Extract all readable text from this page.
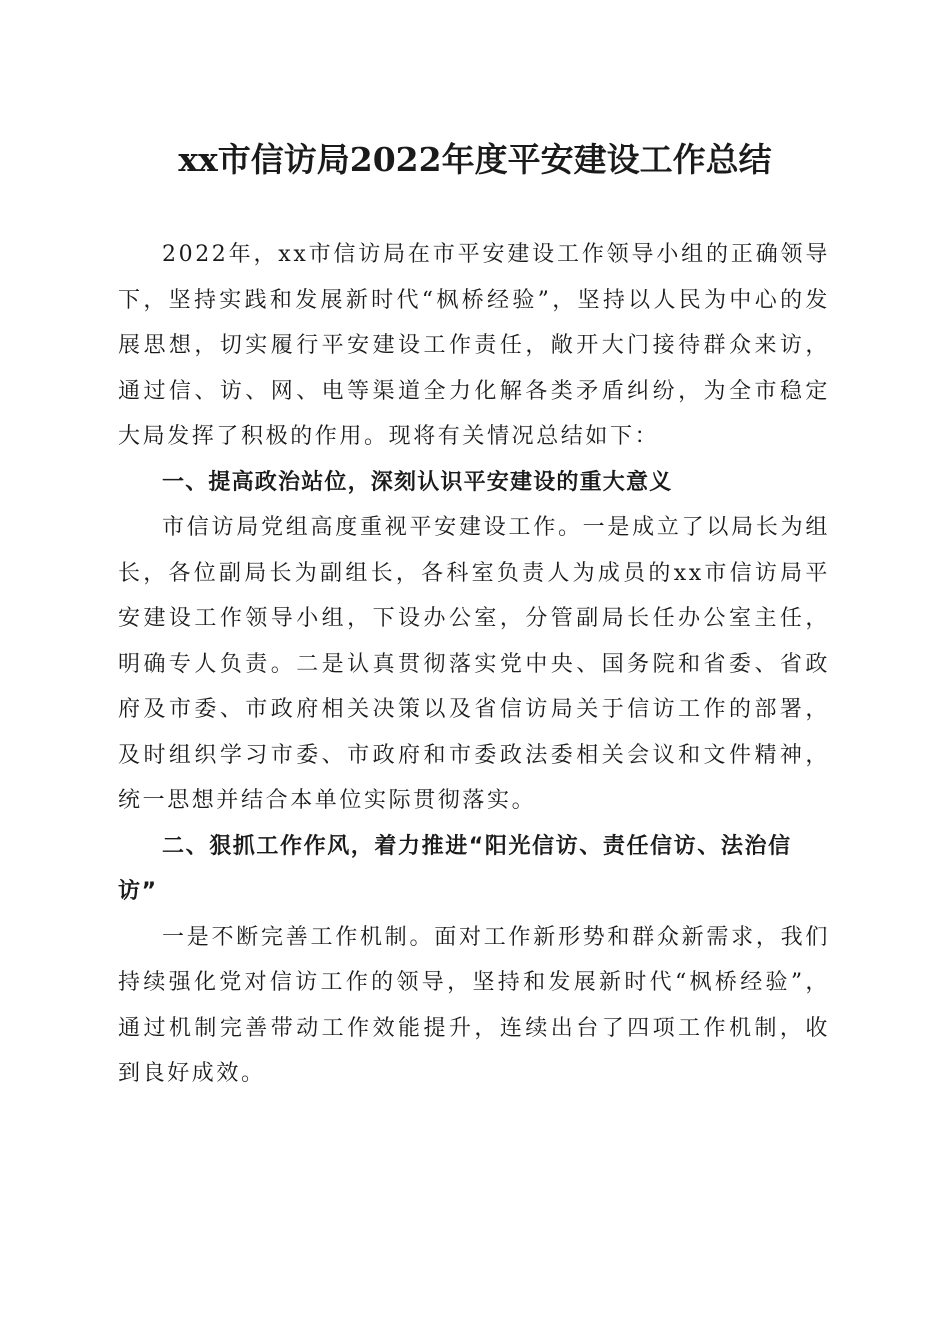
xx市信访局2022年度平安建设工作总结

2022年，xx市信访局在市平安建设工作领导小组的正确领导下，坚持实践和发展新时代“枫桥经验”，坚持以人民为中心的发展思想，切实履行平安建设工作责任，敞开大门接待群众来访，通过信、访、网、电等渠道全力化解各类矛盾纠纷，为全市稳定大局发挥了积极的作用。现将有关情况总结如下：

一、提高政治站位，深刻认识平安建设的重大意义

市信访局党组高度重视平安建设工作。一是成立了以局长为组长，各位副局长为副组长，各科室负责人为成员的xx市信访局平安建设工作领导小组，下设办公室，分管副局长任办公室主任，明确专人负责。二是认真贯彻落实党中央、国务院和省委、省政府及市委、市政府相关决策以及省信访局关于信访工作的部署，及时组织学习市委、市政府和市委政法委相关会议和文件精神，统一思想并结合本单位实际贯彻落实。

二、狠抓工作作风，着力推进“阳光信访、责任信访、法治信访”

一是不断完善工作机制。面对工作新形势和群众新需求，我们持续强化党对信访工作的领导，坚持和发展新时代“枫桥经验”，通过机制完善带动工作效能提升，连续出台了四项工作机制，收到良好成效。
